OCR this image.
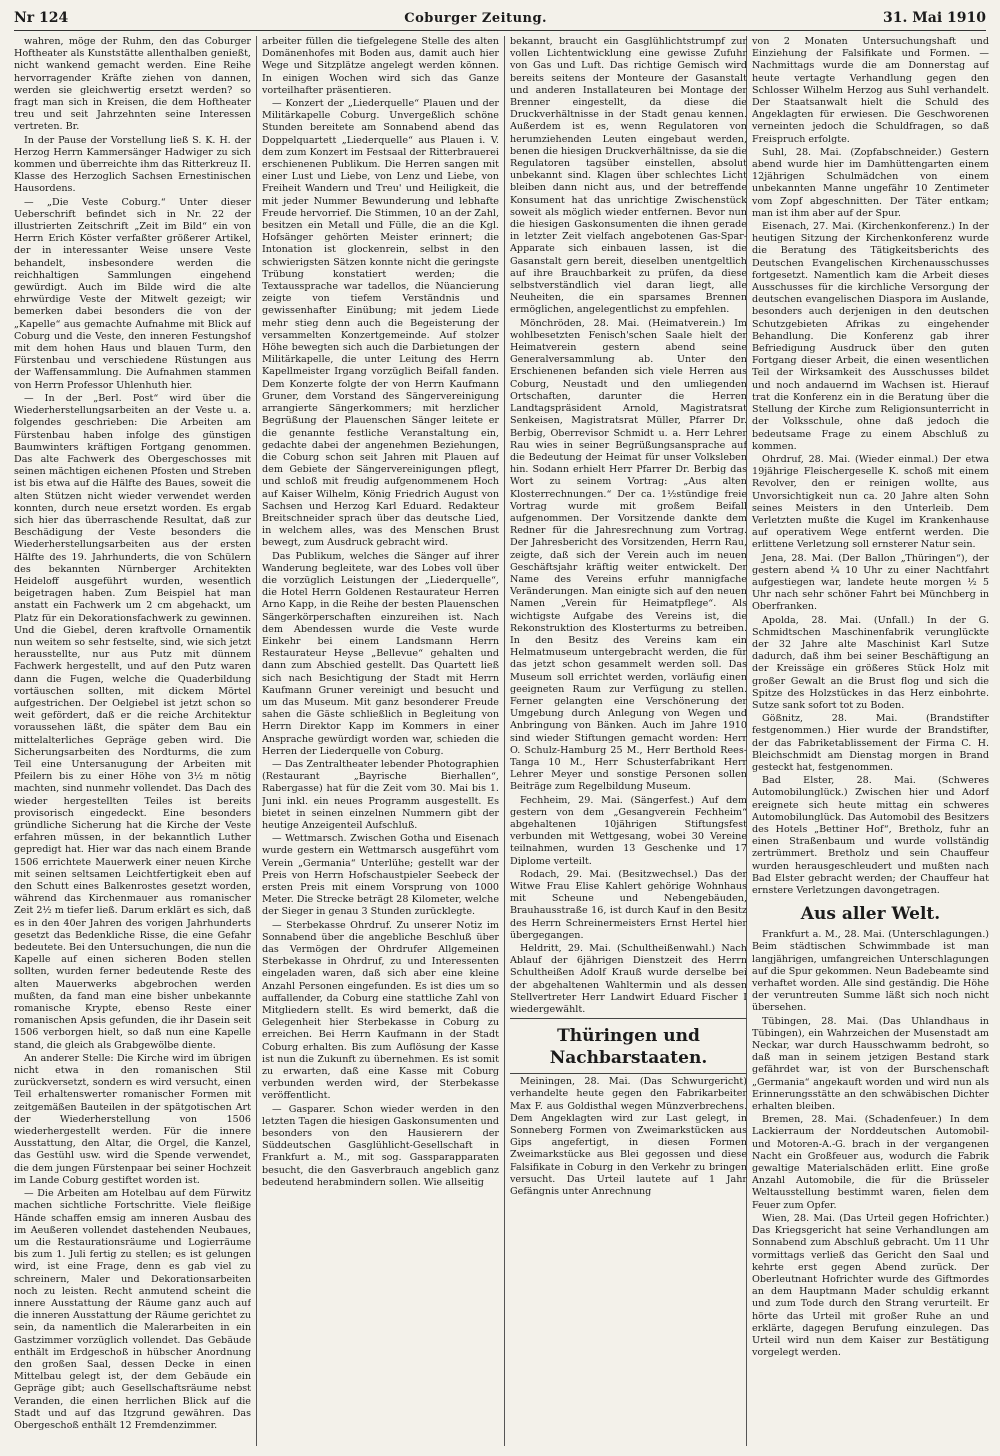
Nr 124	Coburger Zeitung.	31. Mai 1910

wahren, möge der Ruhm, den das Coburger Hoftheater als Kunststätte allenthalben genießt, nicht wankend gemacht werden. Eine Reihe hervorragender Kräfte ziehen von dannen, werden sie gleichwertig ersetzt werden? so fragt man sich in Kreisen, die dem Hoftheater treu und seit Jahrzehnten seine Interessen vertreten. Br.

In der Pause der Vorstellung ließ S. K. H. der Herzog Herrn Kammersänger Hadwiger zu sich kommen und überreichte ihm das Ritterkreuz II. Klasse des Herzoglich Sachsen Ernestinischen Hausordens.

— „Die Veste Coburg.“ Unter dieser Ueberschrift befindet sich in Nr. 22 der illustrierten Zeitschrift „Zeit im Bild“ ein von Herrn Erich Köster verfaßter größerer Artikel, der in interessanter Weise unsere Veste behandelt, insbesondere werden die reichhaltigen Sammlungen eingehend gewürdigt. Auch im Bilde wird die alte ehrwürdige Veste der Mitwelt gezeigt; wir bemerken dabei besonders die von der „Kapelle“ aus gemachte Aufnahme mit Blick auf Coburg und die Veste, den inneren Festungshof mit dem hohen Haus und blauen Turm, den Fürstenbau und verschiedene Rüstungen aus der Waffensammlung. Die Aufnahmen stammen von Herrn Professor Uhlenhuth hier.

— In der „Berl. Post“ wird über die Wiederherstellungsarbeiten an der Veste u. a. folgendes geschrieben: Die Arbeiten am Fürstenbau haben infolge des günstigen Baumwinters kräftigen Fortgang genommen. Das alte Fachwerk des Obergeschosses mit seinen mächtigen eichenen Pfosten und Streben ist bis etwa auf die Hälfte des Baues, soweit die alten Stützen nicht wieder verwendet werden konnten, durch neue ersetzt worden. Es ergab sich hier das überraschende Resultat, daß zur Beschädigung der Veste besonders die Wiederherstellungsarbeiten aus der ersten Hälfte des 19. Jahrhunderts, die von Schülern des bekannten Nürnberger Architekten Heideloff ausgeführt wurden, wesentlich beigetragen haben. Zum Beispiel hat man anstatt ein Fachwerk um 2 cm abgehackt, um Platz für ein Dekorationsfachwerk zu gewinnen. Und die Giebel, deren kraftvolle Ornamentik nun weitem so sehr festselte, sind, wie sich jetzt herausstellte, nur aus Putz mit dünnem Fachwerk hergestellt, und auf den Putz waren dann die Fugen, welche die Quaderbildung vortäuschen sollten, mit dickem Mörtel aufgestrichen. Der Oelgiebel ist jetzt schon so weit gefördert, daß er die reiche Architektur voraussehen läßt, die später dem Bau ein mittelalterliches Gepräge geben wird. Die Sicherungsarbeiten des Nordturms, die zum Teil eine Untersanugung der Arbeiten mit Pfeilern bis zu einer Höhe von 3½ m nötig machten, sind nunmehr vollendet. Das Dach des wieder hergestellten Teiles ist bereits provisorisch eingedeckt. Eine besonders gründliche Sicherung hat die Kirche der Veste erfahren müssen, in der bekanntlich Luther gepredigt hat. Hier war das nach einem Brande 1506 errichtete Mauerwerk einer neuen Kirche mit seinen seltsamen Leichtfertigkeit eben auf den Schutt eines Balkenrostes gesetzt worden, während das Kirchenmauer aus romanischer Zeit 2½ m tiefer ließ. Darum erklärt es sich, daß es in den 40er Jahren des vorigen Jahrhunderts gesetzt das Bedenkliche Risse, die eine Gefahr bedeutete. Bei den Untersuchungen, die nun die Kapelle auf einen sicheren Boden stellen sollten, wurden ferner bedeutende Reste des alten Mauerwerks abgebrochen werden mußten, da fand man eine bisher unbekannte romanische Krypte, ebenso Reste einer romanischen Apsis gefunden, die ihr Dasein seit 1506 verborgen hielt, so daß nun eine Kapelle stand, die gleich als Grabgewölbe diente.

An anderer Stelle: Die Kirche wird im übrigen nicht etwa in den romanischen Stil zurückversetzt, sondern es wird versucht, einen Teil erhaltenswerter romanischer Formen mit zeitgemäßen Bauteilen in der spätgotischen Art der Wiederherstellung von 1506 wiederhergestellt werden. Für die innere Ausstattung, den Altar, die Orgel, die Kanzel, das Gestühl usw. wird die Spende verwendet, die dem jungen Fürstenpaar bei seiner Hochzeit im Lande Coburg gestiftet worden ist.

— Die Arbeiten am Hotelbau auf dem Fürwitz machen sichtliche Fortschritte. Viele fleißige Hände schaffen emsig am inneren Ausbau des im Aeußeren vollendet dastehenden Neubaues, um die Restaurationsräume und Logierräume bis zum 1. Juli fertig zu stellen; es ist gelungen wird, ist eine Frage, denn es gab viel zu schreinern, Maler und Dekorationsarbeiten noch zu leisten. Recht anmutend scheint die innere Ausstattung der Räume ganz auch auf die inneren Ausstattung der Räume gerichtet zu sein, da namentlich die Malerarbeiten in ein Gastzimmer vorzüglich vollendet. Das Gebäude enthält im Erdgeschoß in hübscher Anordnung den großen Saal, dessen Decke in einen Mittelbau gelegt ist, der dem Gebäude ein Gepräge gibt; auch Gesellschaftsräume nebst Veranden, die einen herrlichen Blick auf die Stadt und auf das Itzgrund gewähren. Das Obergeschoß enthält 12 Fremdenzimmer.

arbeiter füllen die tiefgelegene Stelle des alten Domänenhofes mit Boden aus, damit auch hier Wege und Sitzplätze angelegt werden können. In einigen Wochen wird sich das Ganze vorteilhafter präsentieren.

— Konzert der „Liederquelle“ Plauen und der Militärkapelle Coburg. Unvergeßlich schöne Stunden bereitete am Sonnabend abend das Doppelquartett „Liederquelle“ aus Plauen i. V. dem zum Konzert im Festsaal der Ritterbrauerei erschienenen Publikum. Die Herren sangen mit einer Lust und Liebe, von Lenz und Liebe, von Freiheit Wandern und Treu' und Heiligkeit, die mit jeder Nummer Bewunderung und lebhafte Freude hervorrief. Die Stimmen, 10 an der Zahl, besitzen ein Metall und Fülle, die an die Kgl. Hofsänger gehörten Meister erinnert; die Intonation ist glockenrein, selbst in den schwierigsten Sätzen konnte nicht die geringste Trübung konstatiert werden; die Textaussprache war tadellos, die Nüancierung zeigte von tiefem Verständnis und gewissenhafter Einübung; mit jedem Liede mehr stieg denn auch die Begeisterung der versammelten Konzertgemeinde. Auf stolzer Höhe bewegten sich auch die Darbietungen der Militärkapelle, die unter Leitung des Herrn Kapellmeister Irgang vorzüglich Beifall fanden. Dem Konzerte folgte der von Herrn Kaufmann Gruner, dem Vorstand des Sängervereinigung arrangierte Sängerkommers; mit herzlicher Begrüßung der Plauenschen Sänger leitete er die genannte festliche Veranstaltung ein, gedachte dabei der angenehmen Beziehungen, die Coburg schon seit Jahren mit Plauen auf dem Gebiete der Sängervereinigungen pflegt, und schloß mit freudig aufgenommenem Hoch auf Kaiser Wilhelm, König Friedrich August von Sachsen und Herzog Karl Eduard. Redakteur Breitschneider sprach über das deutsche Lied, in welchem alles, was des Menschen Brust bewegt, zum Ausdruck gebracht wird.

Das Publikum, welches die Sänger auf ihrer Wanderung begleitete, war des Lobes voll über die vorzüglich Leistungen der „Liederquelle“, die Hotel Herrn Goldenen Restaurateur Herren Arno Kapp, in die Reihe der besten Plauenschen Sängerkörperschaften einzureihen ist. Nach dem Abendessen wurde die Veste wurde Einkehr bei einem Landsmann Herrn Restaurateur Heyse „Bellevue“ gehalten und dann zum Abschied gestellt. Das Quartett ließ sich nach Besichtigung der Stadt mit Herrn Kaufmann Gruner vereinigt und besucht und um das Museum. Mit ganz besonderer Freude sahen die Gäste schließlich in Begleitung von Herrn Direktor Kapp im Kommers in einer Ansprache gewürdigt worden war, schieden die Herren der Liederquelle von Coburg.

— Das Zentraltheater lebender Photographien (Restaurant „Bayrische Bierhallen“, Rabergasse) hat für die Zeit vom 30. Mai bis 1. Juni inkl. ein neues Programm ausgestellt. Es bietet in seinen einzelnen Nummern gibt der heutige Anzeigenteil Aufschluß.

— Wettmarsch. Zwischen Gotha und Eisenach wurde gestern ein Wettmarsch ausgeführt vom Verein „Germania“ Unterlühe; gestellt war der Preis von Herrn Hofschaustpieler Seebeck der ersten Preis mit einem Vorsprung von 1000 Meter. Die Strecke beträgt 28 Kilometer, welche der Sieger in genau 3 Stunden zurücklegte.

— Sterbekasse Ohrdruf. Zu unserer Notiz im Sonnabend über die angebliche Beschluß über das Vermögen der Ohrdrufer Allgemeinen Sterbekasse in Ohrdruf, zu und Interessenten eingeladen waren, daß sich aber eine kleine Anzahl Personen eingefunden. Es ist dies um so auffallender, da Coburg eine stattliche Zahl von Mitgliedern stellt. Es wird bemerkt, daß die Gelegenheit hier Sterbekasse in Coburg zu erreichen. Bei Herrn Kaufmann in der Stadt Coburg erhalten. Bis zum Auflösung der Kasse ist nun die Zukunft zu übernehmen. Es ist somit zu erwarten, daß eine Kasse mit Coburg verbunden werden wird, der Sterbekasse veröffentlicht.

— Gasparer. Schon wieder werden in den letzten Tagen die hiesigen Gaskonsumenten und besonders von den Hausierern der Süddeutschen Gasglühlicht-Gesellschaft in Frankfurt a. M., mit sog. Gassparapparaten besucht, die den Gasverbrauch angeblich ganz bedeutend herabmindern sollen. Wie allseitig

bekannt, braucht ein Gasglühlichtstrumpf zur vollen Lichtentwicklung eine gewisse Zufuhr von Gas und Luft. Das richtige Gemisch wird bereits seitens der Monteure der Gasanstalt und anderen Installateuren bei Montage der Brenner eingestellt, da diese die Druckverhältnisse in der Stadt genau kennen. Außerdem ist es, wenn Regulatoren von herumziehenden Leuten eingebaut werden, benen die hiesigen Druckverhältnisse, da sie die Regulatoren tagsüber einstellen, absolut unbekannt sind. Klagen über schlechtes Licht bleiben dann nicht aus, und der betreffende Konsument hat das unrichtige Zwischenstück soweit als möglich wieder entfernen. Bevor nun die hiesigen Gaskonsumenten die ihnen gerade in letzter Zeit vielfach angebotenen Gas-Spar-Apparate sich einbauen lassen, ist die Gasanstalt gern bereit, dieselben unentgeltlich auf ihre Brauchbarkeit zu prüfen, da diese selbstverständlich viel daran liegt, alle Neuheiten, die ein sparsames Brennen ermöglichen, angelegentlichst zu empfehlen.

Mönchröden, 28. Mai. (Heimatverein.) Im wohlbesetzten Fenisch'schen Saale hielt der Heimatverein gestern abend seine Generalversammlung ab. Unter den Erschienenen befanden sich viele Herren aus Coburg, Neustadt und den umliegenden Ortschaften, darunter die Herren Landtagspräsident Arnold, Magistratsrat Senkeisen, Magistratsrat Müller, Pfarrer Dr. Berbig, Oberrevisor Schmidt u. a. Herr Lehrer Rau wies in seiner Begrüßungsansprache auf die Bedeutung der Heimat für unser Volksleben hin. Sodann erhielt Herr Pfarrer Dr. Berbig das Wort zu seinem Vortrag: „Aus alten Klosterrechnungen.“ Der ca. 1½stündige freie Vortrag wurde mit großem Beifall aufgenommen. Der Vorsitzende dankte dem Redner für die Jahresrechnung zum Vortrag. Der Jahresbericht des Vorsitzenden, Herrn Rau, zeigte, daß sich der Verein auch im neuen Geschäftsjahr kräftig weiter entwickelt. Der Name des Vereins erfuhr mannigfache Veränderungen. Man einigte sich auf den neuen Namen „Verein für Heimatpflege“. Als wichtigste Aufgabe des Vereins ist, die Rekonstruktion des Klosterturms zu betreiben. In den Besitz des Vereins kam ein Helmatmuseum untergebracht werden, die für das jetzt schon gesammelt werden soll. Das Museum soll errichtet werden, vorläufig einen geeigneten Raum zur Verfügung zu stellen. Ferner gelangten eine Verschönerung der Umgebung durch Anlegung von Wegen und Anbringung von Bänken. Auch im Jahre 1910 sind wieder Stiftungen gemacht worden: Herr O. Schulz-Hamburg 25 M., Herr Berthold Rees-Tanga 10 M., Herr Schusterfabrikant Herr Lehrer Meyer und sonstige Personen sollen Beiträge zum Regelbildung Museum.

Fechheim, 29. Mai. (Sängerfest.) Auf dem gestern von dem „Gesangverein Fechheim“ abgehaltenen 10jährigen Stiftungsfest verbunden mit Wettgesang, wobei 30 Vereine teilnahmen, wurden 13 Geschenke und 17 Diplome verteilt.

Rodach, 29. Mai. (Besitzwechsel.) Das der Witwe Frau Elise Kahlert gehörige Wohnhaus mit Scheune und Nebengebäuden, Brauhausstraße 16, ist durch Kauf in den Besitz des Herrn Schreinermeisters Ernst Hertel hier übergegangen.

Heldritt, 29. Mai. (Schultheißenwahl.) Nach Ablauf der 6jährigen Dienstzeit des Herrn Schultheißen Adolf Krauß wurde derselbe bei der abgehaltenen Wahltermin und als dessen Stellvertreter Herr Landwirt Eduard Fischer I wiedergewählt.

Thüringen und Nachbarstaaten.

Meiningen, 28. Mai. (Das Schwurgericht) verhandelte heute gegen den Fabrikarbeiter Max F. aus Goldisthal wegen Münzverbrechens. Dem Angeklagten wird zur Last gelegt, in Sonneberg Formen von Zweimarkstücken aus Gips angefertigt, in diesen Formen Zweimarkstücke aus Blei gegossen und diese Falsifikate in Coburg in den Verkehr zu bringen versucht. Das Urteil lautete auf 1 Jahr Gefängnis unter Anrechnung

von 2 Monaten Untersuchungshaft und Einziehung der Falsifikate und Formen. — Nachmittags wurde die am Donnerstag auf heute vertagte Verhandlung gegen den Schlosser Wilhelm Herzog aus Suhl verhandelt. Der Staatsanwalt hielt die Schuld des Angeklagten für erwiesen. Die Geschworenen verneinten jedoch die Schuldfragen, so daß Freispruch erfolgte.

Suhl, 28. Mai. (Zopfabschneider.) Gestern abend wurde hier im Damhüttengarten einem 12jährigen Schulmädchen von einem unbekannten Manne ungefähr 10 Zentimeter vom Zopf abgeschnitten. Der Täter entkam; man ist ihm aber auf der Spur.

Eisenach, 27. Mai. (Kirchenkonferenz.) In der heutigen Sitzung der Kirchenkonferenz wurde die Beratung des Tätigkeitsberichts des Deutschen Evangelischen Kirchenausschusses fortgesetzt. Namentlich kam die Arbeit dieses Ausschusses für die kirchliche Versorgung der deutschen evangelischen Diaspora im Auslande, besonders auch derjenigen in den deutschen Schutzgebieten Afrikas zu eingehender Behandlung. Die Konferenz gab ihrer Befriedigung Ausdruck über den guten Fortgang dieser Arbeit, die einen wesentlichen Teil der Wirksamkeit des Ausschusses bildet und noch andauernd im Wachsen ist. Hierauf trat die Konferenz ein in die Beratung über die Stellung der Kirche zum Religionsunterricht in der Volksschule, ohne daß jedoch die bedeutsame Frage zu einem Abschluß zu kommen.

Ohrdruf, 28. Mai. (Wieder einmal.) Der etwa 19jährige Fleischergeselle K. schoß mit einem Revolver, den er reinigen wollte, aus Unvorsichtigkeit nun ca. 20 Jahre alten Sohn seines Meisters in den Unterleib. Dem Verletzten mußte die Kugel im Krankenhause auf operativem Wege entfernt werden. Die erlittene Verletzung soll ernsterer Natur sein.

Jena, 28. Mai. (Der Ballon „Thüringen“), der gestern abend ¼ 10 Uhr zu einer Nachtfahrt aufgestiegen war, landete heute morgen ½ 5 Uhr nach sehr schöner Fahrt bei Münchberg in Oberfranken.

Apolda, 28. Mai. (Unfall.) In der G. Schmidtschen Maschinenfabrik verunglückte der 32 Jahre alte Maschinist Karl Sutze dadurch, daß ihm bei seiner Beschäftigung an der Kreissäge ein größeres Stück Holz mit großer Gewalt an die Brust flog und sich die Spitze des Holzstückes in das Herz einbohrte. Sutze sank sofort tot zu Boden.

Gößnitz, 28. Mai. (Brandstifter festgenommen.) Hier wurde der Brandstifter, der das Fabriketablissement der Firma C. H. Bleichschmidt am Dienstag morgen in Brand gesteckt hat, festgenommen.

Bad Elster, 28. Mai. (Schweres Automobilunglück.) Zwischen hier und Adorf ereignete sich heute mittag ein schweres Automobilunglück. Das Automobil des Besitzers des Hotels „Bettiner Hof“, Bretholz, fuhr an einen Straßenbaum und wurde vollständig zertrümmert. Bretholz und sein Chauffeur wurden herausgeschleudert und mußten nach Bad Elster gebracht werden; der Chauffeur hat ernstere Verletzungen davongetragen.

Aus aller Welt.

Frankfurt a. M., 28. Mai. (Unterschlagungen.) Beim städtischen Schwimmbade ist man langjährigen, umfangreichen Unterschlagungen auf die Spur gekommen. Neun Badebeamte sind verhaftet worden. Alle sind geständig. Die Höhe der veruntreuten Summe läßt sich noch nicht übersehen.

Tübingen, 28. Mai. (Das Uhlandhaus in Tübingen), ein Wahrzeichen der Musenstadt am Neckar, war durch Hausschwamm bedroht, so daß man in seinem jetzigen Bestand stark gefährdet war, ist von der Burschenschaft „Germania“ angekauft worden und wird nun als Erinnerungsstätte an den schwäbischen Dichter erhalten bleiben.

Bremen, 28. Mai. (Schadenfeuer.) In dem Lackierraum der Norddeutschen Automobil- und Motoren-A.-G. brach in der vergangenen Nacht ein Großfeuer aus, wodurch die Fabrik gewaltige Materialschäden erlitt. Eine große Anzahl Automobile, die für die Brüsseler Weltausstellung bestimmt waren, fielen dem Feuer zum Opfer.

Wien, 28. Mai. (Das Urteil gegen Hofrichter.) Das Kriegsgericht hat seine Verhandlungen am Sonnabend zum Abschluß gebracht. Um 11 Uhr vormittags verließ das Gericht den Saal und kehrte erst gegen Abend zurück. Der Oberleutnant Hofrichter wurde des Giftmordes an dem Hauptmann Mader schuldig erkannt und zum Tode durch den Strang verurteilt. Er hörte das Urteil mit großer Ruhe an und erklärte, dagegen Berufung einzulegen. Das Urteil wird nun dem Kaiser zur Bestätigung vorgelegt werden.
